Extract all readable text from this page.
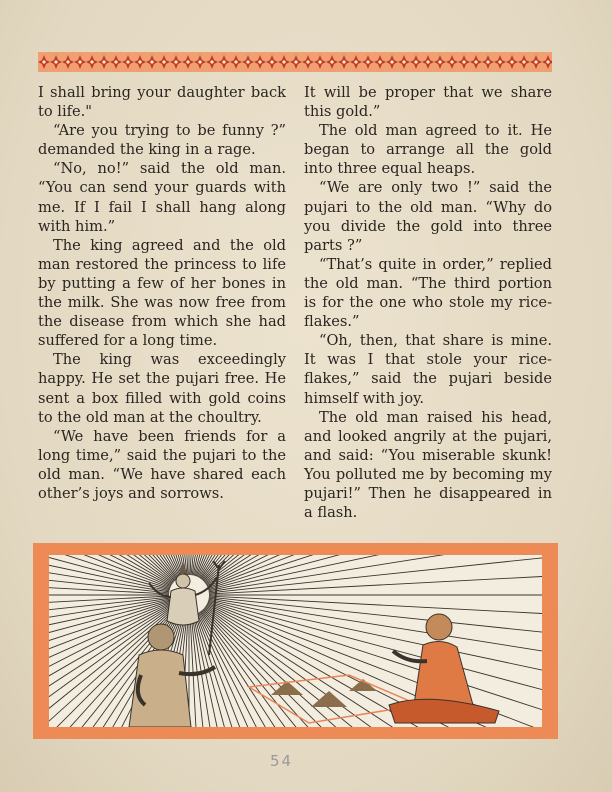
I shall bring your daughter back to life."

“Are you trying to be funny ?” demanded the king in a rage.

“No, no!” said the old man. “You can send your guards with me. If I fail I shall hang along with him.”

The king agreed and the old man restored the princess to life by putting a few of her bones in the milk. She was now free from the disease from which she had suffered for a long time.

The king was exceedingly happy. He set the pujari free. He sent a box filled with gold coins to the old man at the choultry.

“We have been friends for a long time,” said the pujari to the old man. “We have shared each other’s joys and sorrows.

It will be proper that we share this gold.”

The old man agreed to it. He began to arrange all the gold into three equal heaps.

“We are only two !” said the pujari to the old man. “Why do you divide the gold into three parts ?”

“That’s quite in order,” replied the old man. “The third portion is for the one who stole my rice-flakes.”

“Oh, then, that share is mine. It was I that stole your rice-flakes,” said the pujari beside himself with joy.

The old man raised his head, and looked angrily at the pujari, and said: “You miserable skunk! You polluted me by becoming my pujari!” Then he disappeared in a flash.

54
